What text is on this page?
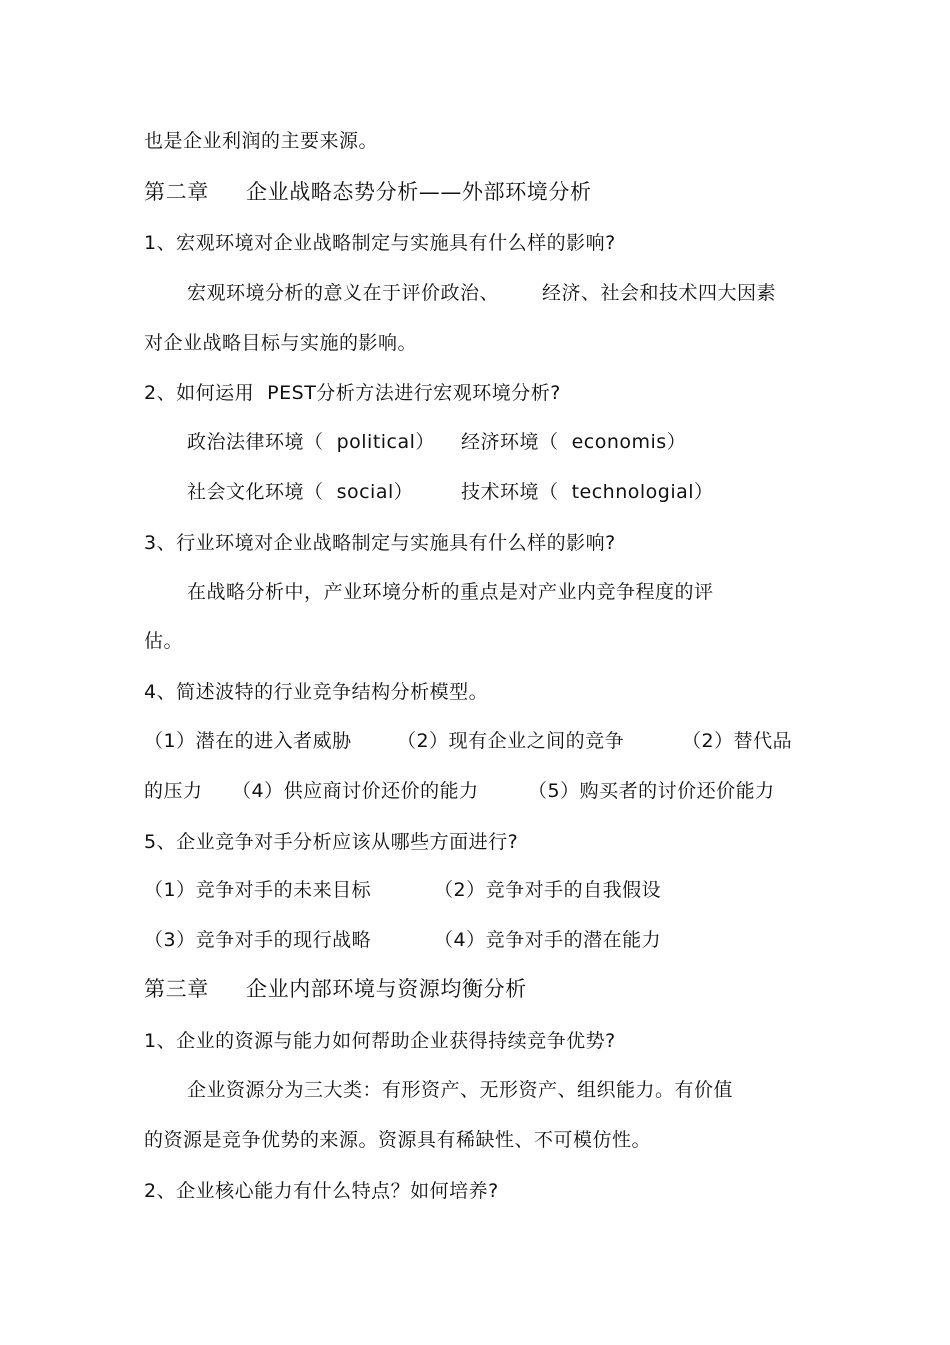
也是企业利润的主要来源。
第二章 企业战略态势分析——外部环境分析
1、宏观环境对企业战略制定与实施具有什么样的影响?
宏观环境分析的意义在于评价政治、 经济、社会和技术四大因素
对企业战略目标与实施的影响。
2、如何运用  PEST分析方法进行宏观环境分析?
政治法律环境（  political） 经济环境（  economis）
社会文化环境（  social）	技术环境（  technologial）
3、行业环境对企业战略制定与实施具有什么样的影响?
在战略分析中，产业环境分析的重点是对产业内竞争程度的评
估。
4、简述波特的行业竞争结构分析模型。
（1）潜在的进入者威胁 （2）现有企业之间的竞争	（2）替代品
的压力 （4）供应商讨价还价的能力	（5）购买者的讨价还价能力
5、企业竞争对手分析应该从哪些方面进行?
（1）竞争对手的未来目标	（2）竞争对手的自我假设
（3）竞争对手的现行战略	（4）竞争对手的潜在能力
第三章 企业内部环境与资源均衡分析
1、企业的资源与能力如何帮助企业获得持续竞争优势?
企业资源分为三大类：有形资产、无形资产、组织能力。有价值
的资源是竞争优势的来源。资源具有稀缺性、不可模仿性。
2、企业核心能力有什么特点？如何培养?
